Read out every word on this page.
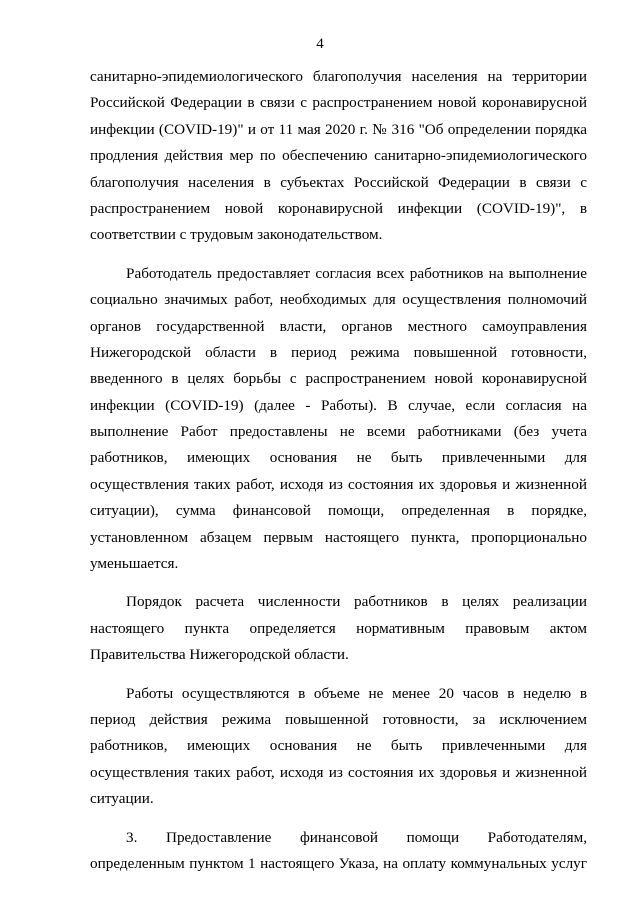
4

санитарно-эпидемиологического благополучия населения на территории
Российской Федерации в связи с распространением новой коронавирусной
инфекции (COVID-19)" и от 11 мая 2020 г. № 316 "Об определении порядка
продления действия мер по обеспечению санитарно-эпидемиологического
благополучия населения в субъектах Российской Федерации в связи с
распространением новой коронавирусной инфекции (COVID-19)", в
соответствии с трудовым законодательством.

Работодатель предоставляет согласия всех работников на выполнение
социально значимых работ, необходимых для осуществления полномочий
органов государственной власти, органов местного самоуправления
Нижегородской области в период режима повышенной готовности,
введенного в целях борьбы с распространением новой коронавирусной
инфекции (COVID-19) (далее - Работы). В случае, если согласия на
выполнение Работ предоставлены не всеми работниками (без учета
работников, имеющих основания не быть привлеченными для
осуществления таких работ, исходя из состояния их здоровья и жизненной
ситуации), сумма финансовой помощи, определенная в порядке,
установленном абзацем первым настоящего пункта, пропорционально
уменьшается.

Порядок расчета численности работников в целях реализации
настоящего пункта определяется нормативным правовым актом
Правительства Нижегородской области.

Работы осуществляются в объеме не менее 20 часов в неделю в
период действия режима повышенной готовности, за исключением
работников, имеющих основания не быть привлеченными для
осуществления таких работ, исходя из состояния их здоровья и жизненной
ситуации.

3. Предоставление финансовой помощи Работодателям,
определенным пунктом 1 настоящего Указа, на оплату коммунальных услуг
